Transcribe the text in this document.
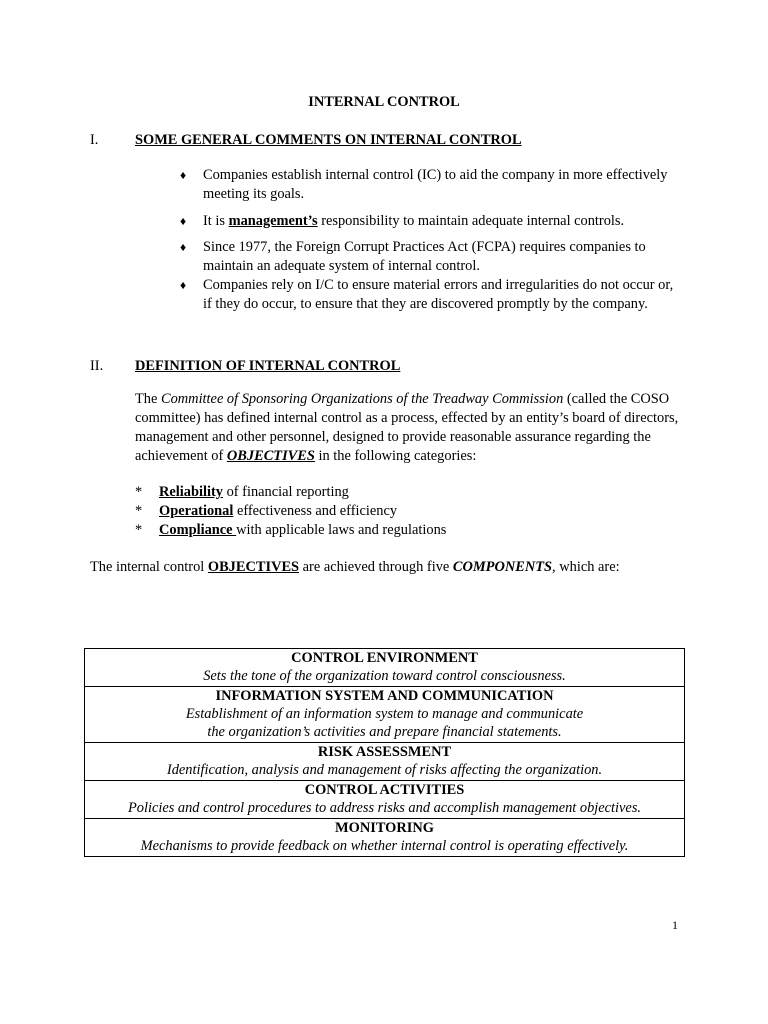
INTERNAL CONTROL
I.	SOME GENERAL COMMENTS ON INTERNAL CONTROL
♦ Companies establish internal control (IC) to aid the company in more effectively meeting its goals.
♦ It is management’s responsibility to maintain adequate internal controls.
♦ Since 1977, the Foreign Corrupt Practices Act (FCPA) requires companies to maintain an adequate system of internal control.
♦ Companies rely on I/C to ensure material errors and irregularities do not occur or, if they do occur, to ensure that they are discovered promptly by the company.
II. DEFINITION OF INTERNAL CONTROL
The Committee of Sponsoring Organizations of the Treadway Commission (called the COSO committee) has defined internal control as a process, effected by an entity’s board of directors, management and other personnel, designed to provide reasonable assurance regarding the achievement of OBJECTIVES in the following categories:
* Reliability of financial reporting
* Operational effectiveness and efficiency
* Compliance with applicable laws and regulations
The internal control OBJECTIVES are achieved through five COMPONENTS, which are:
CONTROL ENVIRONMENT
Sets the tone of the organization toward control consciousness.

INFORMATION SYSTEM AND COMMUNICATION
Establishment of an information system to manage and communicate
the organization’s activities and prepare financial statements.

RISK ASSESSMENT
Identification, analysis and management of risks affecting the organization.

CONTROL ACTIVITIES
Policies and control procedures to address risks and accomplish management objectives.

MONITORING
Mechanisms to provide feedback on whether internal control is operating effectively.
1
